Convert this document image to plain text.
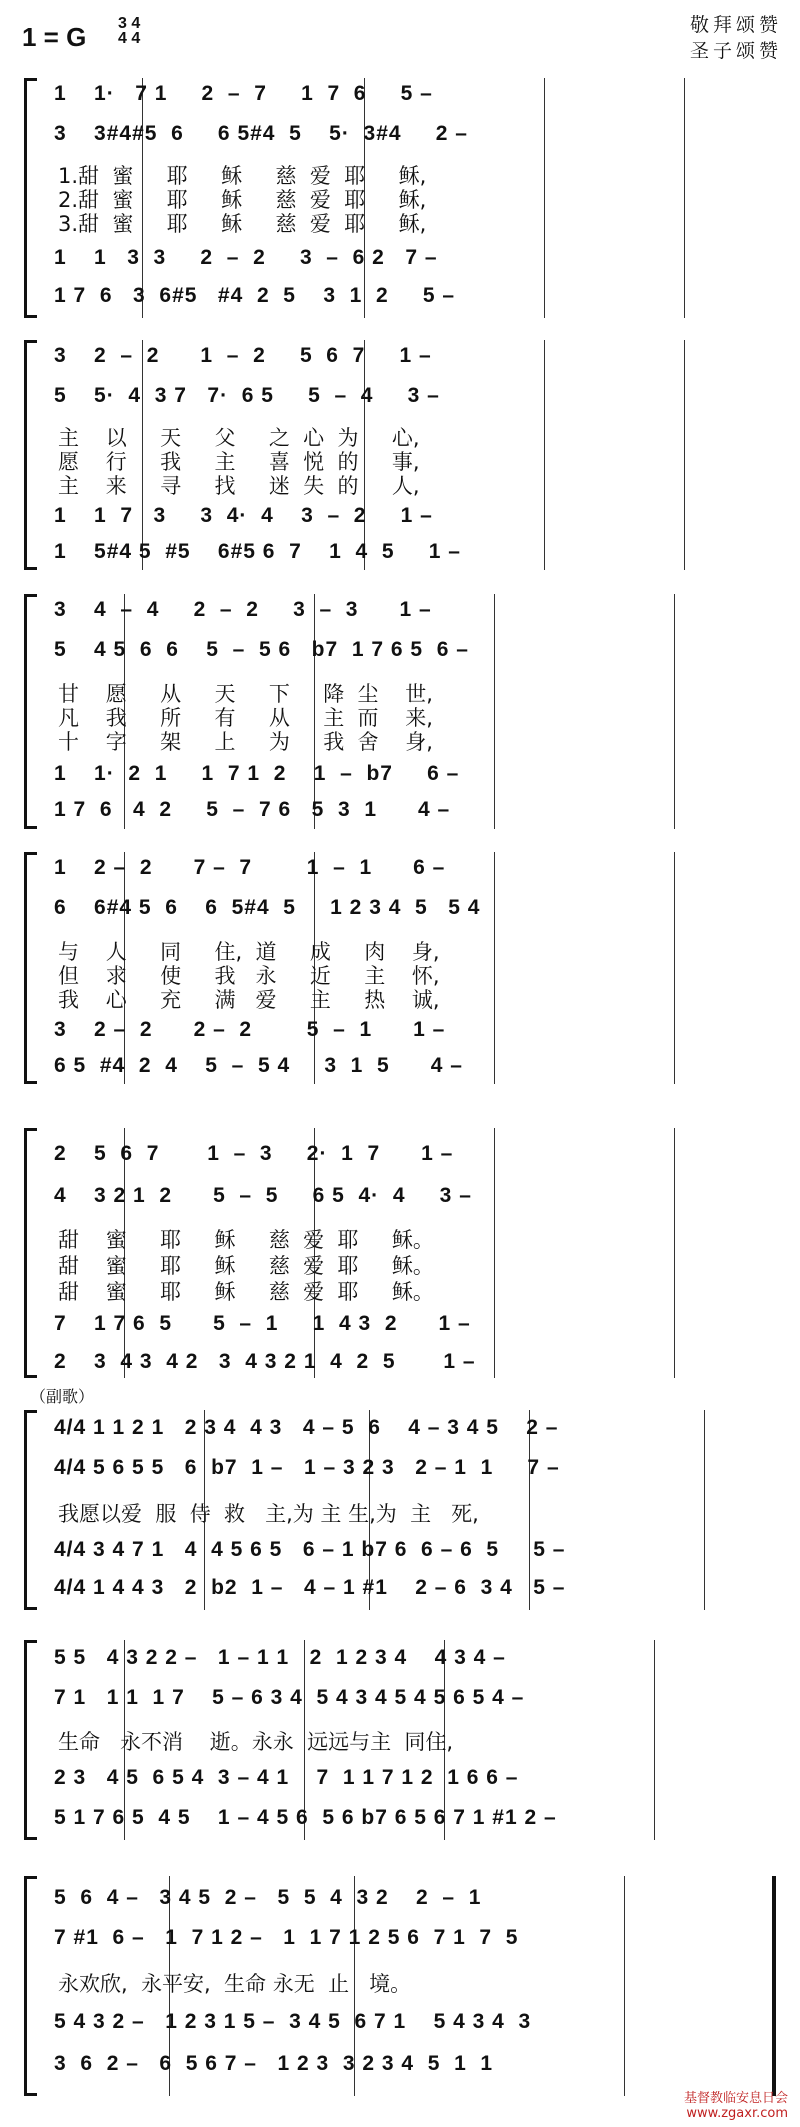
1 = G 3 4
4 4
敬拜颂赞
圣子颂赞
1    1·   7 1     2  –  7     1  7  6     5 –
3    3#4#5  6     6 5#4  5    5·  3#4     2 –
1.甜  蜜     耶     稣     慈  爱  耶     稣,
2.甜  蜜     耶     稣     慈  爱  耶     稣,
3.甜  蜜     耶     稣     慈  爱  耶     稣,
1    1   3  3     2  –  2     3  –  6 2   7 –
1 7  6   3  6#5   #4  2  5    3  1  2     5 –
3    2  –  2      1  –  2     5  6  7     1 –
5    5·  4  3 7   7·  6 5     5  –  4     3 –
主    以     天     父     之  心  为     心,
愿    行     我     主     喜  悦  的     事,
主    来     寻     找     迷  失  的     人,
1    1  7   3     3  4·  4    3  –  2     1 –
1    5#4 5  #5    6#5 6  7    1  4  5     1 –
3    4  –  4     2  –  2     3  –  3      1 –
5    4 5  6  6    5  –  5 6   b7  1 7 6 5  6 –
甘    愿     从     天     下     降  尘    世,
凡    我     所     有     从     主  而    来,
十    字     架     上     为     我  舍    身,
1    1·  2  1     1  7 1  2    1  –  b7     6 –
1 7  6   4  2     5  –  7 6   5  3  1      4 –
1    2 –  2      7 –  7        1  –  1      6 –
6    6#4 5  6    6  5#4  5     1 2 3 4  5   5 4
与    人     同     住,  道     成     肉    身,
但    求     使     我   永     近     主    怀,
我    心     充     满   爱     主     热    诚,
3    2 –  2      2 –  2        5  –  1      1 –
6 5  #4  2  4    5  –  5 4     3  1  5      4 –
2    5  6  7       1  –  3     2·  1  7      1 –
4    3 2 1  2      5  –  5     6 5  4·  4     3 –
甜    蜜     耶     稣     慈  爱  耶     稣。
甜    蜜     耶     稣     慈  爱  耶     稣。
甜    蜜     耶     稣     慈  爱  耶     稣。
7    1 7 6  5      5  –  1     1  4 3  2      1 –
2    3  4 3  4 2   3  4 3 2 1  4  2  5       1 –
（副歌）
4/4 1 1 2 1   2 3 4  4 3   4 – 5  6    4 – 3 4 5    2 –
4/4 5 6 5 5   6  b7  1 –   1 – 3 2 3   2 – 1  1     7 –
我愿以爱  服  侍  救   主,为 主 生,为  主   死,
4/4 3 4 7 1   4  4 5 6 5   6 – 1 b7 6  6 – 6  5     5 –
4/4 1 4 4 3   2  b2  1 –   4 – 1 #1    2 – 6  3 4   5 –
5 5   4 3 2 2 –   1 – 1 1   2  1 2 3 4    4 3 4 –
7 1   1 1  1 7    5 – 6 3 4  5 4 3 4 5 4 5 6 5 4 –
生命   永不消    逝。永永  远远与主  同住,
2 3   4 5  6 5 4  3 – 4 1    7  1 1 7 1 2  1 6 6 –
5 1 7 6 5  4 5    1 – 4 5 6  5 6 b7 6 5 6 7 1 #1 2 –
5  6  4 –   3 4 5  2 –   5  5  4  3 2    2  –  1
7 #1  6 –   1  7 1 2 –   1  1 7 1 2 5 6  7 1  7  5
永欢欣,  永平安,  生命 永无  止   境。
5 4 3 2 –   1 2 3 1 5 –  3 4 5  6 7 1    5 4 3 4  3
3  6  2 –   6  5 6 7 –   1 2 3  3 2 3 4  5  1  1
基督教临安息日会
www.zgaxr.com
